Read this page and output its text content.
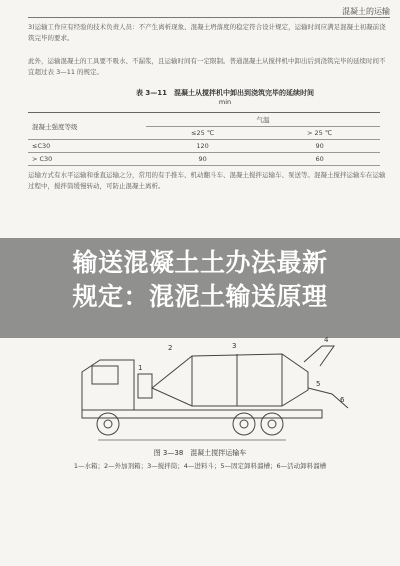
混凝土的运输
3)运输工作应有经验的技术负责人员：不产生离析现象、混凝土坍落度的稳定符合设计规定，运输时间应满足混凝土初凝前浇筑完毕的要求。
此外，运输混凝土的工具要不吸水、不漏浆，且运输时间有一定限制。普通混凝土从搅拌机中卸出后到浇筑完毕的延续时间不宜超过表 3—11 的规定。
表 3—11　混凝土从搅拌机中卸出到浇筑完毕的延续时间
min
混凝土强度等级	气温	
	≤25 ℃	> 25 ℃
≤C30	120	90
> C30	90	60
运输方式有水平运输和垂直运输之分，常用的有手推车、机动翻斗车、混凝土搅拌运输车、泵送等。混凝土搅拌运输车在运输过程中，搅拌筒缓慢转动，可防止混凝土离析。
输送混凝土土办法最新
规定：混泥土输送原理
1
2	3
4
5
6
图 3—38　混凝土搅拌运输车
1—水箱；2—外加剂箱；3—搅拌筒；4—进料斗；5—固定卸料溜槽；6—活动卸料溜槽
